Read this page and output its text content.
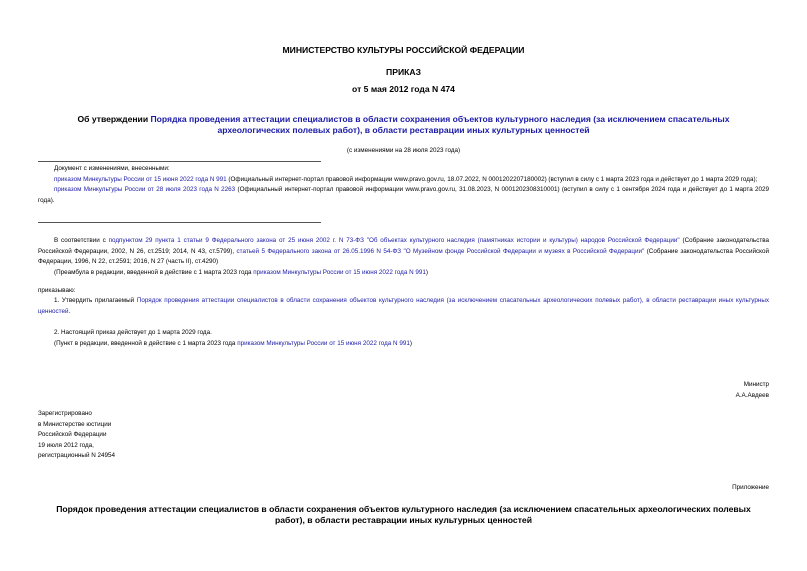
МИНИСТЕРСТВО КУЛЬТУРЫ РОССИЙСКОЙ ФЕДЕРАЦИИ
ПРИКАЗ
от 5 мая 2012 года N 474
Об утверждении Порядка проведения аттестации специалистов в области сохранения объектов культурного наследия (за исключением спасательных
археологических полевых работ), в области реставрации иных культурных ценностей
(с изменениями на 28 июля 2023 года)
Документ с изменениями, внесенными:
приказом Минкультуры России от 15 июня 2022 года N 991 (Официальный интернет-портал правовой информации www.pravo.gov.ru, 18.07.2022, N 0001202207180002) (вступил в силу с 1 марта 2023 года и действует до 1 марта 2029 года);
приказом Минкультуры России от 28 июля 2023 года N 2263 (Официальный интернет-портал правовой информации www.pravo.gov.ru, 31.08.2023, N 0001202308310001) (вступил в силу с 1 сентября 2024 года и действует до 1 марта 2029 года).
В соответствии с подпунктом 29 пункта 1 статьи 9 Федерального закона от 25 июня 2002 г. N 73-ФЗ "Об объектах культурного наследия (памятниках истории и культуры) народов Российской Федерации" (Собрание законодательства Российской Федерации, 2002, N 26, ст.2519; 2014, N 43, ст.5799), статьей 5 Федерального закона от 26.05.1996 N 54-ФЗ "О Музейном фонде Российской Федерации и музеях в Российской Федерации" (Собрание законодательства Российской Федерации, 1996, N 22, ст.2591; 2016, N 27 (часть II), ст.4290)
(Преамбула в редакции, введенной в действие с 1 марта 2023 года приказом Минкультуры России от 15 июня 2022 года N 991)
приказываю:
1. Утвердить прилагаемый Порядок проведения аттестации специалистов в области сохранения объектов культурного наследия (за исключением спасательных археологических полевых работ), в области реставрации иных культурных ценностей.
2. Настоящий приказ действует до 1 марта 2029 года.
(Пункт в редакции, введенной в действие с 1 марта 2023 года приказом Минкультуры России от 15 июня 2022 года N 991)
Министр
А.А.Авдеев
Зарегистрировано
в Министерстве юстиции
Российской Федерации
19 июля 2012 года,
регистрационный N 24954
Приложение
Порядок проведения аттестации специалистов в области сохранения объектов культурного наследия (за исключением спасательных археологических полевых
работ), в области реставрации иных культурных ценностей
